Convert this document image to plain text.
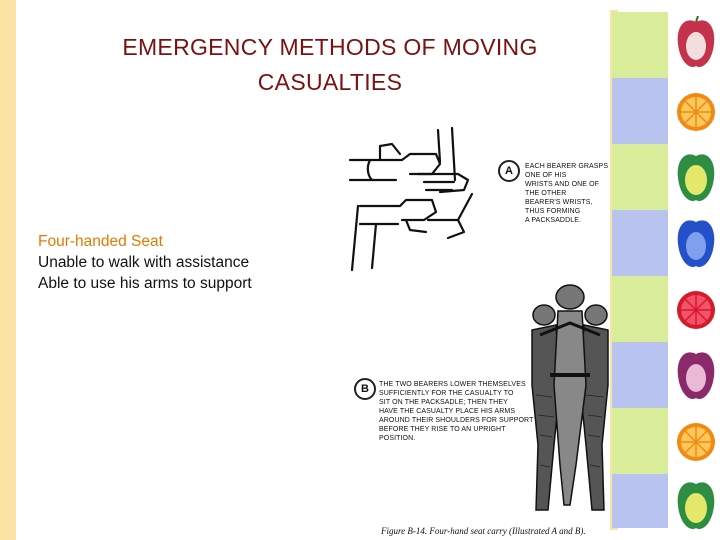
EMERGENCY METHODS OF MOVING
CASUALTIES
Four-handed Seat
Unable to walk with assistance
Able to use his arms to support
A	EACH BEARER GRASPS ONE OF HIS
WRISTS AND ONE OF THE OTHER
BEARER'S WRISTS, THUS FORMING
A PACKSADDLE.
B	THE TWO BEARERS LOWER THEMSELVES
SUFFICIENTLY FOR THE CASUALTY TO
SIT ON THE PACKSADLE; THEN THEY
HAVE THE CASUALTY PLACE HIS ARMS
AROUND THEIR SHOULDERS FOR SUPPORT
BEFORE THEY RISE TO AN UPRIGHT
POSITION.
Figure B-14. Four-hand seat carry (Illustrated A and B).
